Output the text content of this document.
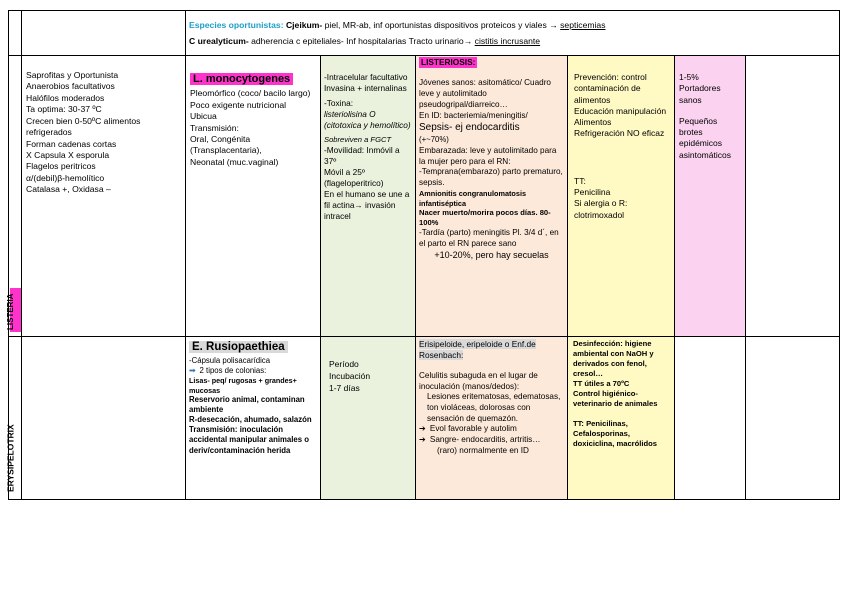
Especies oportunistas: Cjeikum- piel, MR-ab, inf oportunistas dispositivos proteicos y viales → septicemias
C urealyticum- adherencia c epiteliales- Inf hospitalarias Tracto urinario→ cistitis incrusante
LISTERIA
Saprofitas y Oportunista
Anaerobios facultativos
Halófilos moderados
Ta optima: 30-37 ºC
Crecen bien 0-50ºC alimentos refrigerados
Forman cadenas cortas
X Capsula X esporula
Flagelos peritricos
α/(debil)β-hemolítico
Catalasa +, Oxidasa –
L. monocytogenes
Pleomórfico (coco/ bacilo largo)
Poco exigente nutricional
Ubicua
Transmisión:
Oral, Congénita (Transplacentaria),
Neonatal (muc.vaginal)
-Intracelular facultativo
Invasina + internalinas
-Toxina:
listeriolisina O (citotoxica y hemolítico)
Sobreviven a FGCT
-Movilidad: Inmóvil a 37º
Móvil a 25º (flageloperitrico)
En el humano se une a fil actina→ invasión intracel
LISTERIOSIS:
Jóvenes sanos: asitomático/ Cuadro leve y autolimitado pseudogripal/diarreico…
En ID: bacteriemia/meningitis/
Sepsis- ej endocarditis
(+~70%)
Embarazada: leve y autolimitado para la mujer pero para el RN:
-Temprana(embarazo) parto prematuro, sepsis.
Amnionitis congranulomatosis infantiséptica
Nacer muerto/morira pocos días. 80-100%
-Tardía (parto) meningitis Pl. 3/4 d´, en el parto el RN parece sano
+10-20%, pero hay secuelas
Prevención: control contaminación de alimentos
Educación manipulación
Alimentos
Refrigeración NO eficaz
TT:
Penicilina
Si alergia o R: clotrimoxadol
1-5%
Portadores sanos
Pequeños brotes epidémicos asintomáticos
ERYSIPELOTRIX
E. Rusiopaethiea
-Cápsula polisacarídica
➡ 2 tipos de colonias:
Lisas- peq/ rugosas + grandes+ mucosas
Reservorio animal, contaminan ambiente
R-desecación, ahumado, salazón
Transmisión: inoculación accidental manipular animales o deriv/contaminación herida
Período
Incubación
1-7 días
Erisipeloide, eripeloide o Enf.de Rosenbach:
Celulitis subaguda en el lugar de inoculación (manos/dedos):
Lesiones eritematosas, edematosas, ton violáceas, dolorosas con sensación de quemazón.
➔ Evol favorable y autolim
➔ Sangre- endocarditis, artritis…
(raro) normalmente en ID
Desinfección: higiene ambiental con NaOH y derivados con fenol, cresol…
TT útiles a 70ºC
Control higiénico-veterinario de animales
TT: Penicilinas, Cefalosporinas, doxiciclina, macrólidos
